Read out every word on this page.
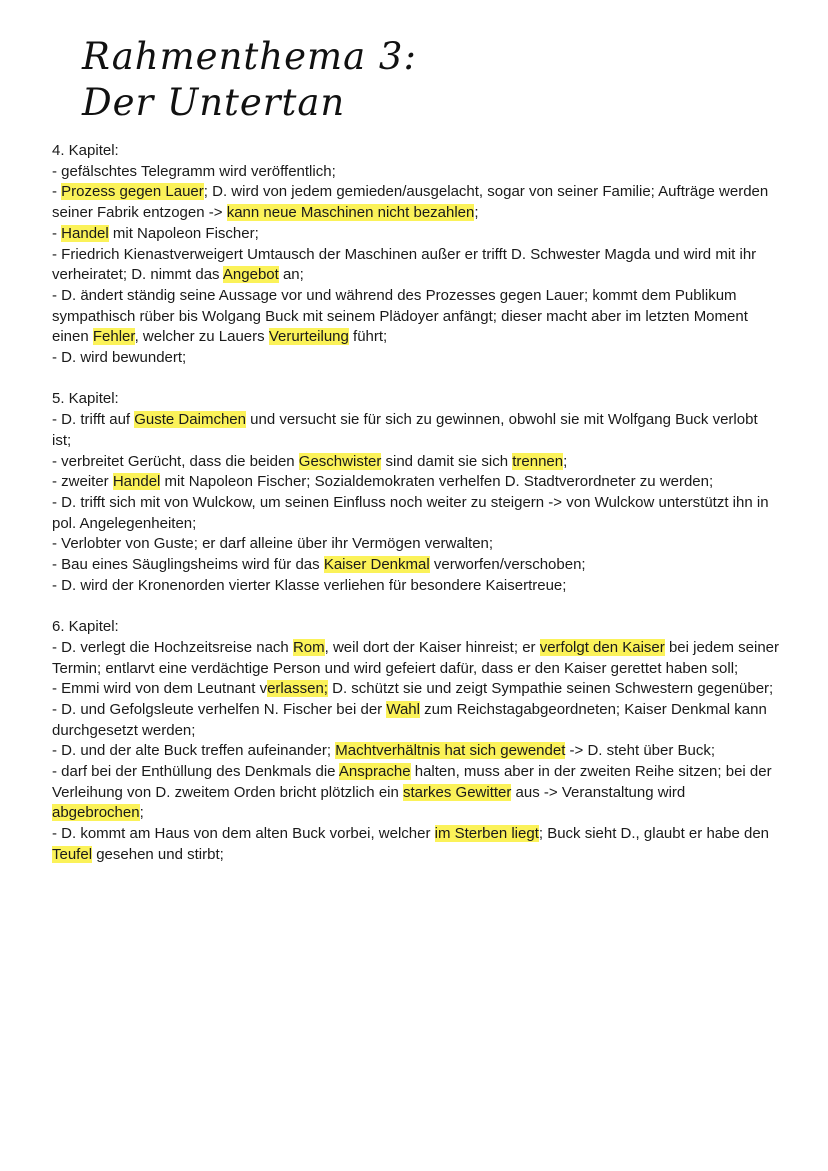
Rahmenthema 3:
Der Untertan
4. Kapitel:
- gefälschtes Telegramm wird veröffentlich;
- Prozess gegen Lauer; D. wird von jedem gemieden/ausgelacht, sogar von seiner Familie; Aufträge werden seiner Fabrik entzogen -> kann neue Maschinen nicht bezahlen;
- Handel mit Napoleon Fischer;
- Friedrich Kienastverweigert Umtausch der Maschinen außer er trifft D. Schwester Magda und wird mit ihr verheiratet; D. nimmt das Angebot an;
- D. ändert ständig seine Aussage vor und während des Prozesses gegen Lauer; kommt dem Publikum sympathisch rüber bis Wolgang Buck mit seinem Plädoyer anfängt; dieser macht aber im letzten Moment einen Fehler, welcher zu Lauers Verurteilung führt;
- D. wird bewundert;
5. Kapitel:
- D. trifft auf Guste Daimchen und versucht sie für sich zu gewinnen, obwohl sie mit Wolfgang Buck verlobt ist;
- verbreitet Gerücht, dass die beiden Geschwister sind damit sie sich trennen;
- zweiter Handel mit Napoleon Fischer; Sozialdemokraten verhelfen D. Stadtverordneter zu werden;
- D. trifft sich mit von Wulckow, um seinen Einfluss noch weiter zu steigern -> von Wulckow unterstützt ihn in pol. Angelegenheiten;
- Verlobter von Guste; er darf alleine über ihr Vermögen verwalten;
- Bau eines Säuglingsheims wird für das Kaiser Denkmal verworfen/verschoben;
- D. wird der Kronenorden vierter Klasse verliehen für besondere Kaisertreue;
6. Kapitel:
- D. verlegt die Hochzeitsreise nach Rom, weil dort der Kaiser hinreist; er verfolgt den Kaiser bei jedem seiner Termin; entlarvt eine verdächtige Person und wird gefeiert dafür, dass er den Kaiser gerettet haben soll;
- Emmi wird von dem Leutnant verlassen; D. schützt sie und zeigt Sympathie seinen Schwestern gegenüber;
- D. und Gefolgsleute verhelfen N. Fischer bei der Wahl zum Reichstagabgeordneten; Kaiser Denkmal kann durchgesetzt werden;
- D. und der alte Buck treffen aufeinander; Machtverhältnis hat sich gewendet -> D. steht über Buck;
- darf bei der Enthüllung des Denkmals die Ansprache halten, muss aber in der zweiten Reihe sitzen; bei der Verleihung von D. zweitem Orden bricht plötzlich ein starkes Gewitter aus -> Veranstaltung wird abgebrochen;
- D. kommt am Haus von dem alten Buck vorbei, welcher im Sterben liegt; Buck sieht D., glaubt er habe den Teufel gesehen und stirbt;
